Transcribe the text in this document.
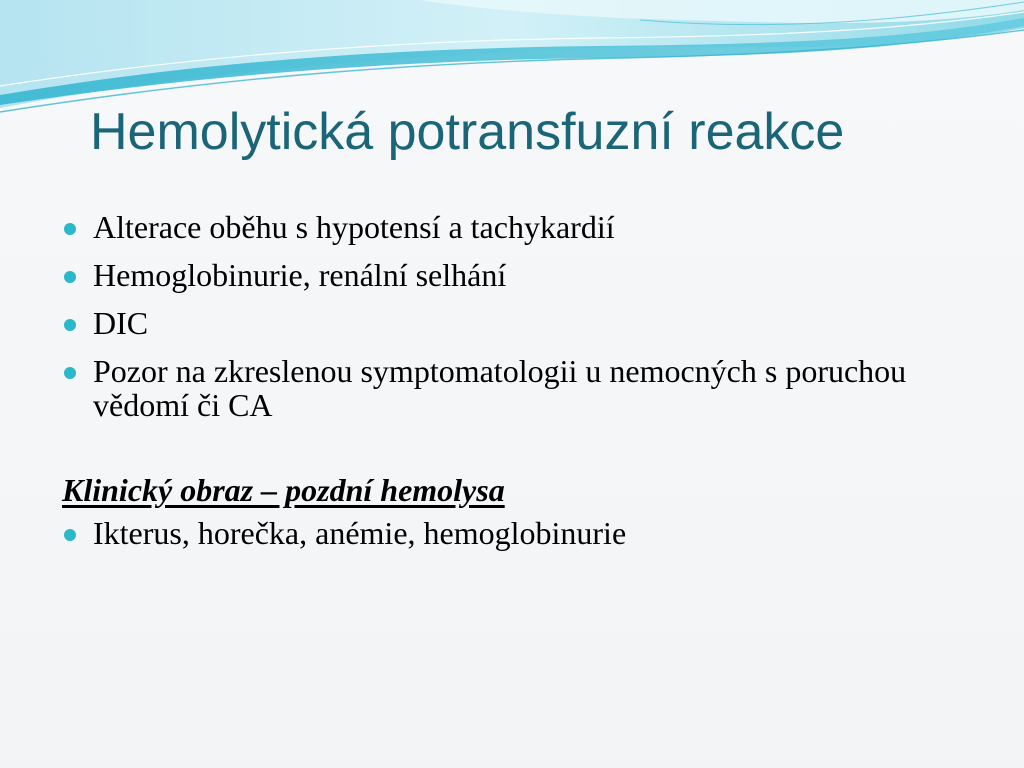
Hemolytická potransfuzní reakce
Alterace oběhu s hypotensí a tachykardií
Hemoglobinurie, renální selhání
DIC
Pozor na zkreslenou symptomatologii u nemocných s poruchou vědomí či CA
Klinický obraz – pozdní hemolysa
Ikterus, horečka, anémie, hemoglobinurie
